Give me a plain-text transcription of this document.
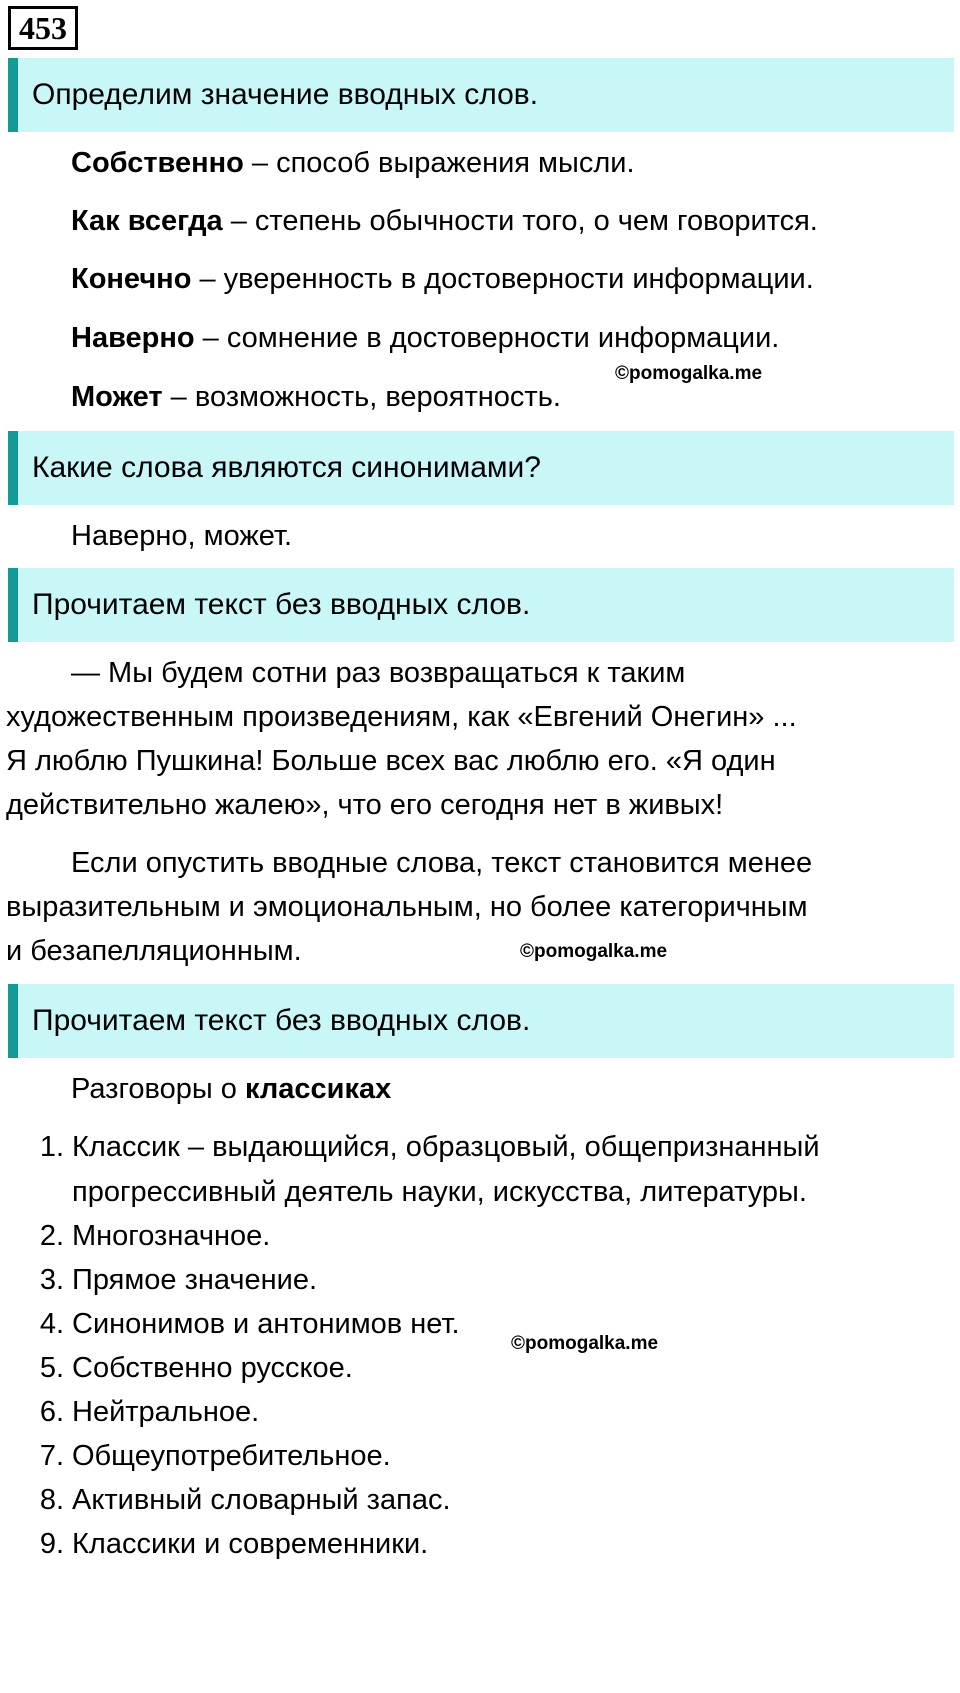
453
Определим значение вводных слов.
Собственно – способ выражения мысли.
Как всегда – степень обычности того, о чем говорится.
Конечно – уверенность в достоверности информации.
Наверно – сомнение в достоверности информации.
©pomogalka.me
Может – возможность, вероятность.
Какие слова являются синонимами?
Наверно, может.
Прочитаем текст без вводных слов.
— Мы будем сотни раз возвращаться к таким
художественным произведениям, как «Евгений Онегин» ...
Я люблю Пушкина! Больше всех вас люблю его. «Я один
действительно жалею», что его сегодня нет в живых!
Если опустить вводные слова, текст становится менее
выразительным и эмоциональным, но более категоричным
и безапелляционным.	©pomogalka.me
Прочитаем текст без вводных слов.
Разговоры о классиках
1. Классик – выдающийся, образцовый, общепризнанный
прогрессивный деятель науки, искусства, литературы.
2. Многозначное.
3. Прямое значение.
4. Синонимов и антонимов нет.
©pomogalka.me
5. Собственно русское.
6. Нейтральное.
7. Общеупотребительное.
8. Активный словарный запас.
9. Классики и современники.
